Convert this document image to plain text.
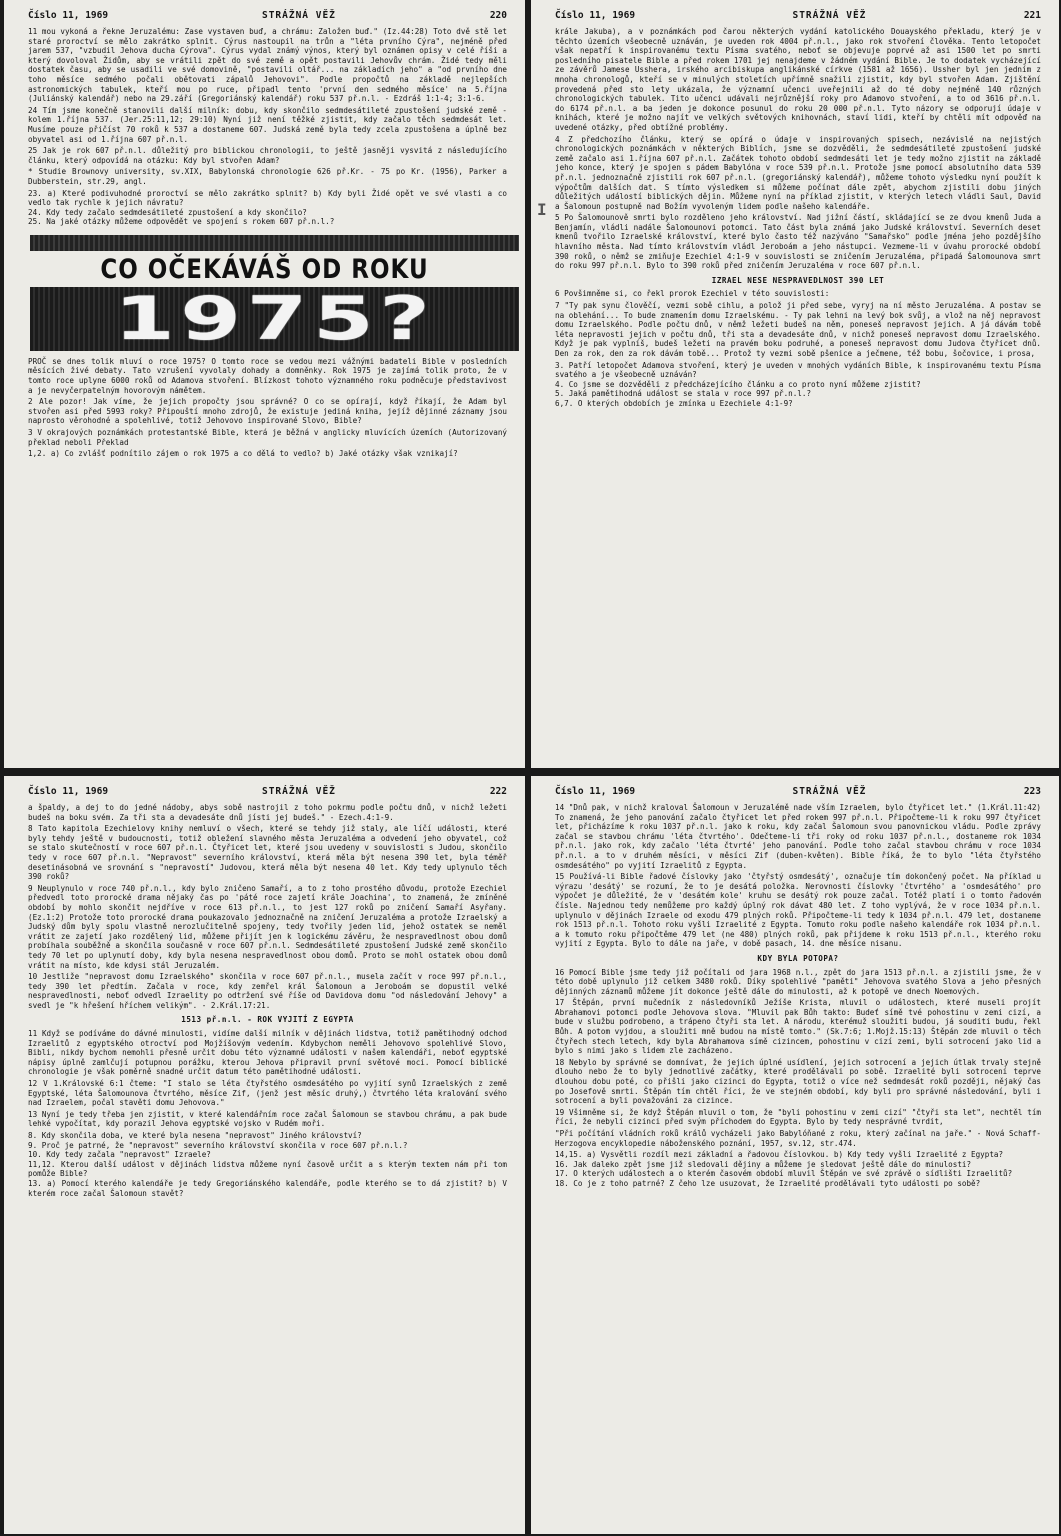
Číslo 11, 1969	STRÁŽNÁ VĚŽ	220

11 mou vykoná a řekne Jeruzalému: Zase vystaven buď, a chrámu: Založen buď." (Iz.44:28) Toto dvě stě let staré proroctví se mělo zakrátko splnit. Cýrus nastoupil na trůn a "léta prvního Cýra", nejméně před jarem 537, "vzbudil Jehova ducha Cýrova". Cýrus vydal známý výnos, který byl oznámen opisy v celé říši a který dovoloval Židům, aby se vrátili zpět do své země a opět postavili Jehovův chrám. Židé tedy měli dostatek času, aby se usadili ve své domovině, "postavili oltář... na základích jeho" a "od prvního dne toho měsíce sedmého počali obětovati zápalů Jehovovi". Podle propočtů na základě nejlepších astronomických tabulek, kteří mou po ruce, připadl tento 'první den sedmého měsíce' na 5.října (Juliánský kalendář) nebo na 29.září (Gregoriánský kalendář) roku 537 př.n.l. - Ezdráš 1:1-4; 3:1-6.

24 Tím jsme konečně stanovili další milník: dobu, kdy skončilo sedmdesátileté zpustošení judské země - kolem 1.října 537. (Jer.25:11,12; 29:10) Nyní již není těžké zjistit, kdy začalo těch sedmdesát let. Musíme pouze přičíst 70 roků k 537 a dostaneme 607. Judská země byla tedy zcela zpustošena a úplně bez obyvatel asi od 1.října 607 př.n.l.

25 Jak je rok 607 př.n.l. důležitý pro biblickou chronologii, to ještě jasněji vysvitá z následujícího článku, který odpovídá na otázku: Kdy byl stvořen Adam?

* Studie Brownovy university, sv.XIX, Babylonská chronologie 626 př.Kr. - 75 po Kr. (1956), Parker a Dubberstein, str.29, angl.

23. a) Které podivuhodné proroctví se mělo zakrátko splnit? b) Kdy byli Židé opět ve své vlasti a co vedlo tak rychle k jejich návratu?

24. Kdy tedy začalo sedmdesátileté zpustošení a kdy skončilo?

25. Na jaké otázky můžeme odpovědět ve spojení s rokem 607 př.n.l.?

CO OČEKÁVÁŠ OD ROKU
1975?

PROČ se dnes tolik mluví o roce 1975? O tomto roce se vedou mezi vážnými badateli Bible v posledních měsících živé debaty. Tato vzrušení vyvolaly dohady a domněnky. Rok 1975 je zajímá tolik proto, že v tomto roce uplyne 6000 roků od Adamova stvoření. Blízkost tohoto významného roku podněcuje představivost a je nevyčerpatelným hovorovým námětem.

2 Ale pozor! Jak víme, že jejich propočty jsou správné? O co se opírají, když říkají, že Adam byl stvořen asi před 5993 roky? Připouští mnoho zdrojů, že existuje jediná kniha, jejíž dějinné záznamy jsou naprosto věrohodné a spolehlivé, totiž Jehovovo inspirované Slovo, Bible?

3 V okrajových poznámkách protestantské Bible, která je běžná v anglicky mluvících územích (Autorizovaný překlad neboli Překlad

1,2. a) Co zvlášť podnítilo zájem o rok 1975 a co dělá to vedlo? b) Jaké otázky však vznikají?

I
Číslo 11, 1969	STRÁŽNÁ VĚŽ	221

krále Jakuba), a v poznámkách pod čarou některých vydání katolického Douayského překladu, který je v těchto územích všeobecně uznáván, je uveden rok 4004 př.n.l., jako rok stvoření člověka. Tento letopočet však nepatří k inspirovanému textu Písma svatého, neboť se objevuje poprvé až asi 1500 let po smrti posledního pisatele Bible a před rokem 1701 jej nenajdeme v žádném vydání Bible. Je to dodatek vycházející ze závěrů Jamese Usshera, irského arcibiskupa anglikánské církve (1581 až 1656). Ussher byl jen jedním z mnoha chronologů, kteří se v minulých stoletích upřímně snažili zjistit, kdy byl stvořen Adam. Zjištění provedená před sto lety ukázala, že významní učenci uveřejnili až do té doby nejméně 140 různých chronologických tabulek. Tito učenci udávali nejrůznější roky pro Adamovo stvoření, a to od 3616 př.n.l. do 6174 př.n.l. a ba jeden je dokonce posunul do roku 20 000 př.n.l. Tyto názory se odporují údaje v knihách, které je možno najít ve velkých světových knihovnách, staví lidi, kteří by chtěli mít odpověď na uvedené otázky, před obtížné problémy.

4 Z předchozího článku, který se opírá o údaje v inspirovaných spisech, nezávislé na nejistých chronologických poznámkách v některých Biblích, jsme se dozvěděli, že sedmdesátileté zpustošení judské země začalo asi 1.října 607 př.n.l. Začátek tohoto období sedmdesáti let je tedy možno zjistit na základě jeho konce, který je spojen s pádem Babylóna v roce 539 př.n.l. Protože jsme pomocí absolutního data 539 př.n.l. jednoznačně zjistili rok 607 př.n.l. (gregoriánský kalendář), můžeme tohoto výsledku nyní použít k výpočtům dalších dat. S tímto výsledkem si můžeme počínat dále zpět, abychom zjistili dobu jiných důležitých událostí biblických dějin. Můžeme nyní na příklad zjistit, v kterých letech vládli Saul, David a Šalomoun postupně nad Božím vyvoleným lidem podle našeho kalendáře.

5 Po Šalomounově smrti bylo rozděleno jeho království. Nad jižní částí, skládající se ze dvou kmenů Juda a Benjamín, vládli nadále Šalomounovi potomci. Tato část byla známá jako Judské království. Severních deset kmenů tvořilo Izraelské království, které bylo často též nazýváno "Samařsko" podle jména jeho pozdějšího hlavního města. Nad tímto královstvím vládl Jeroboám a jeho nástupci. Vezmeme-li v úvahu prorocké období 390 roků, o němž se zmiňuje Ezechiel 4:1-9 v souvislosti se zničením Jeruzaléma, připadá Šalomounova smrt do roku 997 př.n.l. Bylo to 390 roků před zničením Jeruzaléma v roce 607 př.n.l.

IZRAEL NESE NESPRAVEDLNOST 390 LET

6 Povšimněme si, co řekl prorok Ezechiel v této souvislosti:

7 "Ty pak synu člověčí, vezmi sobě cihlu, a polož ji před sebe, vyryj na ní město Jeruzaléma. A postav se na oblehání... To bude znamením domu Izraelskému. - Ty pak lehni na levý bok svůj, a vlož na něj nepravost domu Izraelského. Podle počtu dnů, v němž ležeti budeš na něm, poneseš nepravost jejich. A já dávám tobě léta nepravosti jejich v počtu dnů, tři sta a devadesáte dnů, v nichž poneseš nepravost domu Izraelského. Když je pak vyplníš, budeš ležeti na pravém boku podruhé, a poneseš nepravost domu Judova čtyřicet dnů. Den za rok, den za rok dávám tobě... Protož ty vezmi sobě pšenice a ječmene, též bobu, šočovice, i prosa,

3. Patří letopočet Adamova stvoření, který je uveden v mnohých vydáních Bible, k inspirovanému textu Písma svatého a je všeobecně uznáván?

4. Co jsme se dozvěděli z předcházejícího článku a co proto nyní můžeme zjistit?

5. Jaká pamětihodná událost se stala v roce 997 př.n.l.?

6,7. O kterých obdobích je zmínka u Ezechiele 4:1-9?

Číslo 11, 1969	STRÁŽNÁ VĚŽ	222

a špaldy, a dej to do jedné nádoby, abys sobě nastrojil z toho pokrmu podle počtu dnů, v nichž ležeti budeš na boku svém. Za tři sta a devadesáte dnů jísti jej budeš." - Ezech.4:1-9.

8 Tato kapitola Ezechielovy knihy nemluví o všech, které se tehdy již staly, ale líčí události, které byly tehdy ještě v budoucnosti, totiž obležení slavného města Jeruzaléma a odvedení jeho obyvatel, což se stalo skutečností v roce 607 př.n.l. Čtyřicet let, které jsou uvedeny v souvislosti s Judou, skončilo tedy v roce 607 př.n.l. "Nepravost" severního království, která měla být nesena 390 let, byla téměř desetinásobná ve srovnání s "nepravostí" Judovou, která měla být nesena 40 let. Kdy tedy uplynulo těch 390 roků?

9 Neuplynulo v roce 740 př.n.l., kdy bylo zničeno Samaří, a to z toho prostého důvodu, protože Ezechiel předvedl toto prorocké drama nějaký čas po 'páté roce zajetí krále Joachina', to znamená, že zmíněné období by mohlo skončit nejdříve v roce 613 př.n.l., to jest 127 roků po zničení Samaří Asyřany. (Ez.1:2) Protože toto prorocké drama poukazovalo jednoznačně na zničení Jeruzaléma a protože Izraelský a Judský dům byly spolu vlastně nerozlučitelně spojeny, tedy tvořily jeden lid, jehož ostatek se neměl vrátit ze zajetí jako rozdělený lid, můžeme přijít jen k logickému závěru, že nespravedlnost obou domů probíhala souběžně a skončila současně v roce 607 př.n.l. Sedmdesátileté zpustošení Judské země skončilo tedy 70 let po uplynutí doby, kdy byla nesena nespravedlnost obou domů. Proto se mohl ostatek obou domů vrátit na místo, kde kdysi stál Jeruzalém.

10 Jestliže "nepravost domu Izraelského" skončila v roce 607 př.n.l., musela začít v roce 997 př.n.l., tedy 390 let předtím. Začala v roce, kdy zemřel král Šalomoun a Jeroboám se dopustil velké nespravedlnosti, neboť odvedl Izraelity po odtržení své říše od Davidova domu "od následování Jehovy" a svedl je "k hřešení hříchem velikým". - 2.Král.17:21.

1513 př.n.l. - ROK VYJITÍ Z EGYPTA

11 Když se podíváme do dávné minulosti, vidíme další milník v dějinách lidstva, totiž pamětihodný odchod Izraelitů z egyptského otroctví pod Mojžíšovým vedením. Kdybychom neměli Jehovovo spolehlivé Slovo, Bibli, nikdy bychom nemohli přesně určit dobu této významné události v našem kalendáři, neboť egyptské nápisy úplně zamlčují potupnou porážku, kterou Jehova připravil první světové moci. Pomocí biblické chronologie je však poměrně snadné určit datum této pamětihodné události.

12 V 1.Královské 6:1 čteme: "I stalo se léta čtyřstého osmdesátého po vyjití synů Izraelských z země Egyptské, léta Šalomounova čtvrtého, měsíce Zif, (jenž jest měsíc druhý,) čtvrtého léta kralování svého nad Izraelem, počal stavěti domu Jehovova."

13 Nyní je tedy třeba jen zjistit, v které kalendářním roce začal Šalomoun se stavbou chrámu, a pak bude lehké vypočítat, kdy porazil Jehova egyptské vojsko v Rudém moři.

8. Kdy skončila doba, ve které byla nesena "nepravost" Jiného království?

9. Proč je patrné, že "nepravost" severního království skončila v roce 607 př.n.l.?

10. Kdy tedy začala "nepravost" Izraele?

11,12. Kterou další událost v dějinách lidstva můžeme nyní časově určit a s kterým textem nám při tom pomůže Bible?

13. a) Pomocí kterého kalendáře je tedy Gregoriánského kalendáře, podle kterého se to dá zjistit? b) V kterém roce začal Šalomoun stavět?

Číslo 11, 1969	STRÁŽNÁ VĚŽ	223

14 "Dnů pak, v nichž kraloval Šalomoun v Jeruzalémě nade vším Izraelem, bylo čtyřicet let." (1.Král.11:42) To znamená, že jeho panování začalo čtyřicet let před rokem 997 př.n.l. Připočteme-li k roku 997 čtyřicet let, přicházíme k roku 1037 př.n.l. jako k roku, kdy začal Šalomoun svou panovnickou vládu. Podle zprávy začal se stavbou chrámu 'léta čtvrtého'. Odečteme-li tři roky od roku 1037 př.n.l., dostaneme rok 1034 př.n.l. jako rok, kdy začalo 'léta čtvrté' jeho panování. Podle toho začal stavbou chrámu v roce 1034 př.n.l. a to v druhém měsíci, v měsíci Zif (duben-květen). Bible říká, že to bylo "léta čtyřstého osmdesátého" po vyjití Izraelitů z Egypta.

15 Používá-li Bible řadové číslovky jako 'čtyřstý osmdesátý', označuje tím dokončený počet. Na příklad u výrazu 'desátý' se rozumí, že to je desátá položka. Nerovnosti číslovky 'čtvrtého' a 'osmdesátého' pro výpočet je důležité, že v 'desátém kole' kruhu se desátý rok pouze začal. Totéž platí i o tomto řadovém čísle. Najednou tedy nemůžeme pro každý úplný rok dávat 480 let. Z toho vyplývá, že v roce 1034 př.n.l. uplynulo v dějinách Izraele od exodu 479 plných roků. Připočteme-li tedy k 1034 př.n.l. 479 let, dostaneme rok 1513 př.n.l. Tohoto roku vyšli Izraelité z Egypta. Tomuto roku podle našeho kalendáře rok 1034 př.n.l. a k tomuto roku připočtěme 479 let (ne 480) plných roků, pak přijdeme k roku 1513 př.n.l., kterého roku vyjití z Egypta. Bylo to dále na jaře, v době pasach, 14. dne měsíce nisanu.

KDY BYLA POTOPA?

16 Pomocí Bible jsme tedy již počítali od jara 1968 n.l., zpět do jara 1513 př.n.l. a zjistili jsme, že v této době uplynulo již celkem 3480 roků. Díky spolehlivé "paměti" Jehovova svatého Slova a jeho přesných dějinných záznamů můžeme jít dokonce ještě dále do minulosti, až k potopě ve dnech Noemových.

17 Štěpán, první mučedník z následovníků Ježíše Krista, mluvil o událostech, které museli projít Abrahamovi potomci podle Jehovova slova. "Mluvil pak Bůh takto: Budeť símě tvé pohostinu v zemi cizí, a bude v službu podrobeno, a trápeno čtyři sta let. A národu, kterémuž sloužiti budou, já souditi budu, řekl Bůh. A potom vyjdou, a sloužiti mně budou na místě tomto." (Sk.7:6; 1.Mojž.15:13) Štěpán zde mluvil o těch čtyřech stech letech, kdy byla Abrahamova símě cizincem, pohostinu v cizí zemi, byli sotrocení jako lid a bylo s nimi jako s lidem zle zacházeno.

18 Nebylo by správné se domnívat, že jejich úplné usídlení, jejich sotrocení a jejich útlak trvaly stejně dlouho nebo že to byly jednotlivé začátky, které prodělávali po sobě. Izraelité byli sotrocení teprve dlouhou dobu poté, co přišli jako cizinci do Egypta, totiž o více než sedmdesát roků později, nějaký čas po Josefově smrti. Štěpán tím chtěl říci, že ve stejném období, kdy byli pro správné následování, byli i sotrocení a byli považováni za cizince.

19 Všimněme si, že když Štěpán mluvil o tom, že "byli pohostinu v zemi cizí" "čtyři sta let", nechtěl tím říci, že nebyli cizinci před svým příchodem do Egypta. Bylo by tedy nesprávné tvrdit,

"Při počítání vládních roků králů vycházeli jako Babylóňané z roku, který začínal na jaře." - Nová Schaff-Herzogova encyklopedie náboženského poznání, 1957, sv.12, str.474.

14,15. a) Vysvětli rozdíl mezi základní a řadovou číslovkou. b) Kdy tedy vyšli Izraelité z Egypta?

16. Jak daleko zpět jsme již sledovali dějiny a můžeme je sledovat ještě dále do minulosti?

17. O kterých událostech a o kterém časovém období mluvil Štěpán ve své zprávě o sídlišti Izraelitů?

18. Co je z toho patrné? Z čeho lze usuzovat, že Izraelité prodělávali tyto události po sobě?
